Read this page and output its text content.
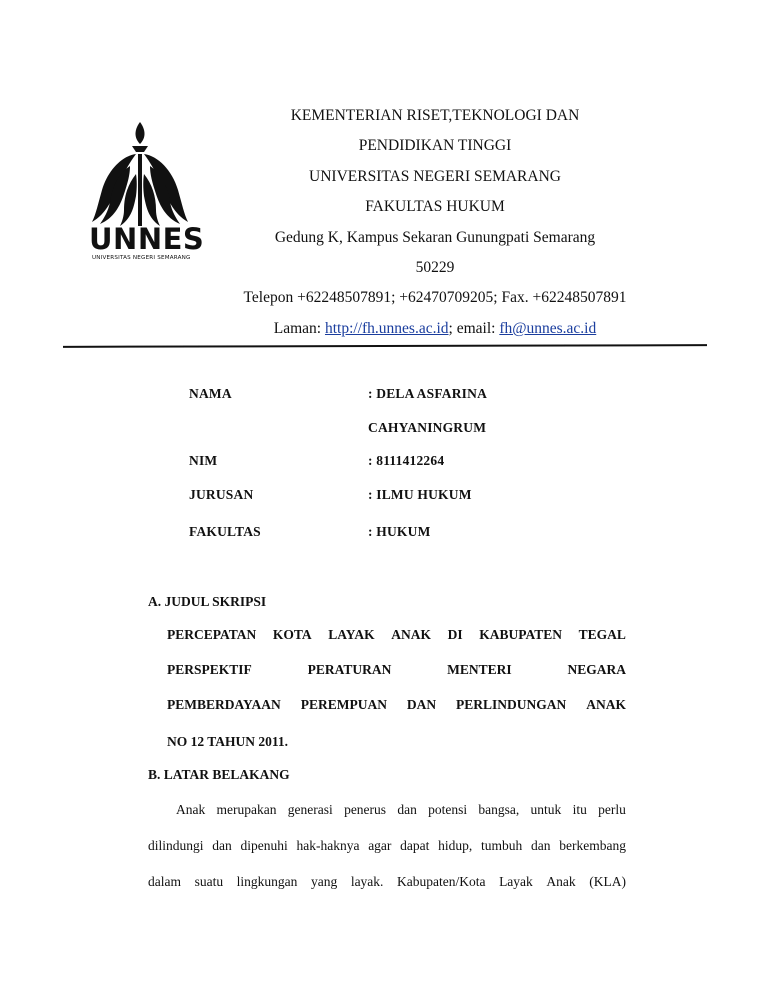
UNNES
UNIVERSITAS NEGERI SEMARANG
KEMENTERIAN RISET,TEKNOLOGI DAN
PENDIDIKAN TINGGI
UNIVERSITAS NEGERI SEMARANG
FAKULTAS HUKUM
Gedung K, Kampus Sekaran Gunungpati Semarang
50229
Telepon +62248507891; +62470709205; Fax. +62248507891
Laman: http://fh.unnes.ac.id; email: fh@unnes.ac.id
NAMA	: DELA ASFARINA
CAHYANINGRUM
NIM	: 8111412264
JURUSAN	: ILMU HUKUM
FAKULTAS	: HUKUM
A. JUDUL SKRIPSI
PERCEPATAN KOTA LAYAK ANAK DI KABUPATEN TEGAL
PERSPEKTIF	PERATURAN	MENTERI	NEGARA
PEMBERDAYAAN PEREMPUAN DAN PERLINDUNGAN ANAK
NO 12 TAHUN 2011.
B. LATAR BELAKANG
Anak merupakan generasi penerus dan potensi bangsa, untuk itu perlu
dilindungi dan dipenuhi hak-haknya agar dapat hidup, tumbuh dan berkembang
dalam suatu lingkungan yang layak. Kabupaten/Kota Layak Anak (KLA)
